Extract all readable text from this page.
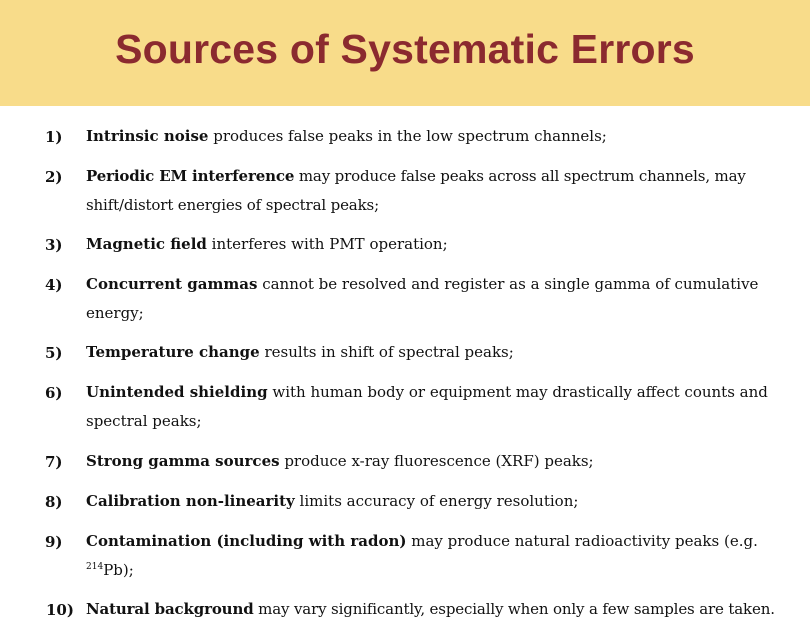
Sources of Systematic Errors
1) Intrinsic noise produces false peaks in the low spectrum channels;
2) Periodic EM interference may produce false peaks across all spectrum channels, may shift/distort energies of spectral peaks;
3) Magnetic field interferes with PMT operation;
4) Concurrent gammas cannot be resolved and register as a single gamma of cumulative energy;
5) Temperature change results in shift of spectral peaks;
6) Unintended shielding with human body or equipment may drastically affect counts and spectral peaks;
7) Strong gamma sources produce x-ray fluorescence (XRF) peaks;
8) Calibration non-linearity limits accuracy of energy resolution;
9) Contamination (including with radon) may produce natural radioactivity peaks (e.g. $^{214}$Pb);
10) Natural background may vary significantly, especially when only a few samples are taken.
